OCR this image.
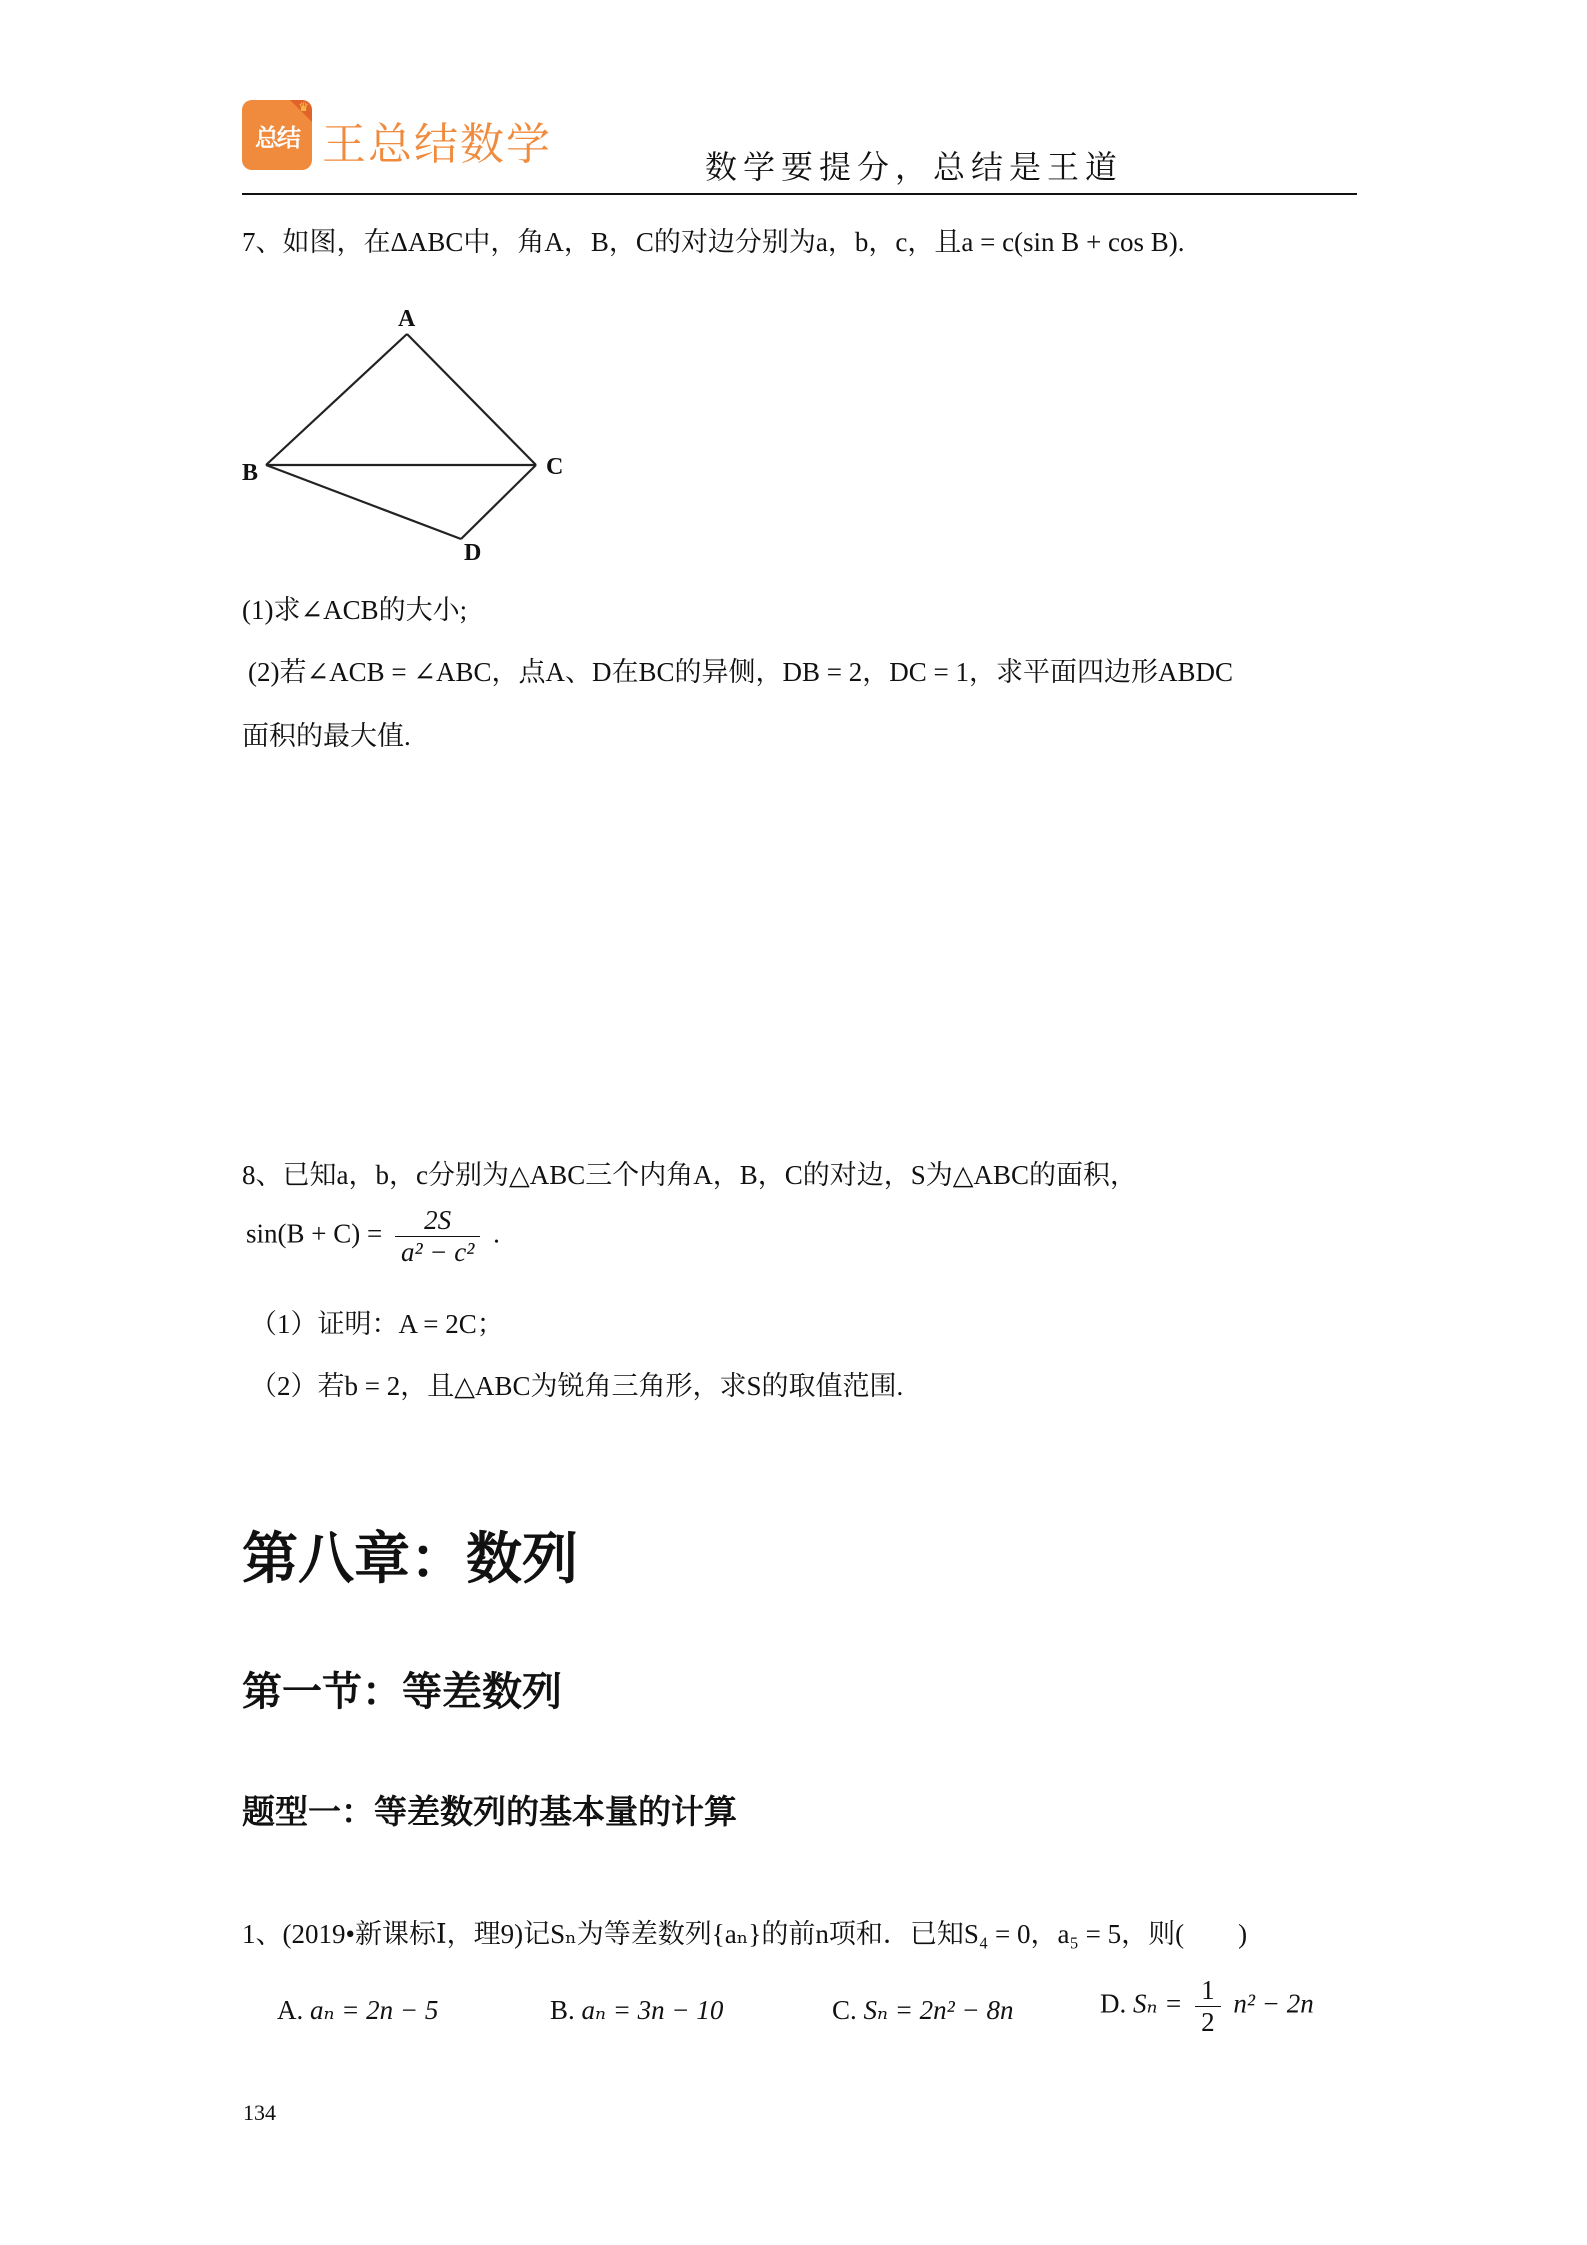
♛
总结 王总结数学	数学要提分，总结是王道
7、如图，在ΔABC中，角A，B，C的对边分别为a，b，c，且a = c(sin B + cos B).
A
B	C
D
(1)求∠ACB的大小;
(2)若∠ACB = ∠ABC，点A、D在BC的异侧，DB = 2，DC = 1，求平面四边形ABDC
面积的最大值.
8、已知a，b，c分别为△ABC三个内角A，B，C的对边，S为△ABC的面积，
$\sin(B + C) = \frac{2S}{\text{a² − c²}}$ .
（1）证明：A = 2C；
（2）若b = 2，且△ABC为锐角三角形，求S的取值范围.
第八章：数列
第一节：等差数列
题型一：等差数列的基本量的计算
1、(2019•新课标Ⅰ，理9)记Sₙ为等差数列{aₙ}的前n项和．已知S₄ = 0，a₅ = 5，则(　　)
A. aₙ = 2n − 5	B. aₙ = 3n − 10	C. Sₙ = 2n² − 8n	D. $S_n = \frac{1}{2} n^2 - 2n$
134
